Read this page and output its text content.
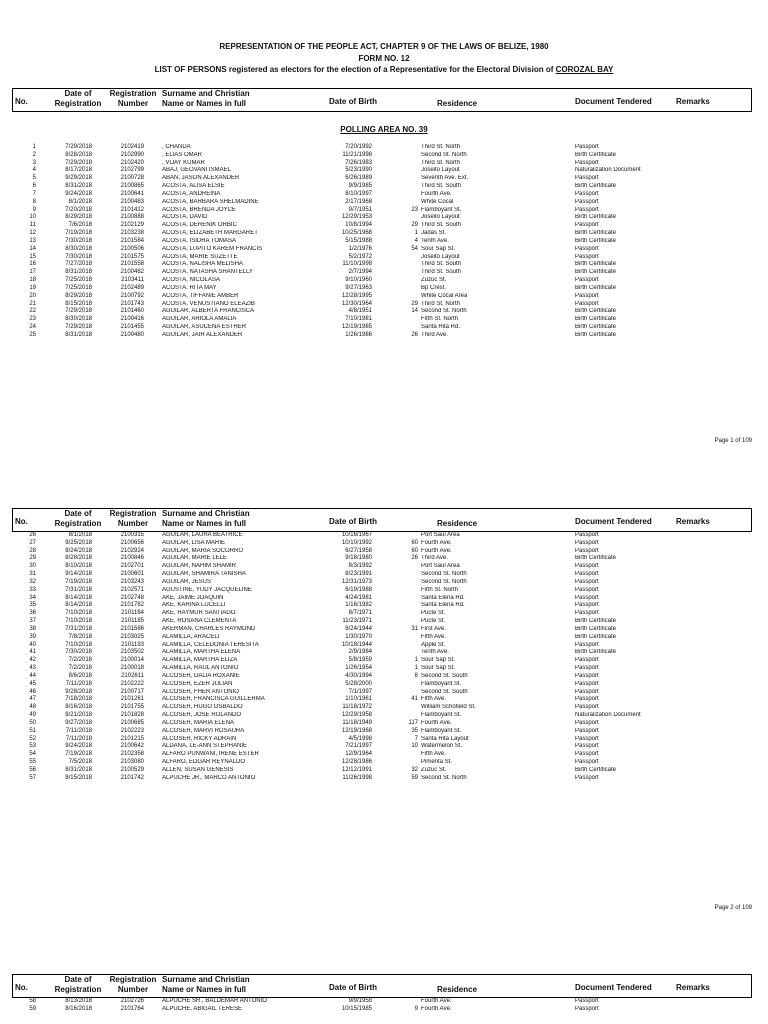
REPRESENTATION OF THE PEOPLE ACT, CHAPTER 9 OF THE LAWS OF BELIZE, 1980
FORM NO. 12
LIST OF PERSONS registered as electors for the election of a Representative for the Electoral Division of COROZAL BAY
No.
Date of
Registration
Registration
Number
Surname and Christian
Name or Names in full	Date of Birth	Residence	Document Tendered	Remarks
POLLING AREA NO. 39
1	7/29/2018	2102419	, CHANDA	7/20/1992	Third St. North	Passport
2	8/28/2018	2102990	, ELIAS OMAR	11/21/1998	Second St. North	Birth Certificate
3	7/29/2018	2102420	, VIJAY KUMAR	7/26/1983	Third St. North	Passport
4	8/17/2018	2102799	ABAJ, GEOVANI ISMAEL	5/23/1990	Joseito Layout	Naturalization Document
5	9/29/2018	2100728	ABAN, JASON ALEXANDER	6/26/1989	Seventh Ave. Ext.	Passport
6	8/31/2018	2100865	ACOSTA, ALISA ELSIE	9/9/1985	Third St. South	Birth Certificate
7	9/24/2018	2100641	ACOSTA, ANDREINA	8/10/1997	Fourth Ave.	Passport
8	8/1/2018	2100483	ACOSTA, BARBARA SHELMADINE	2/17/1968	White Cocal	Passport
9	7/20/2018	2101412	ACOSTA, BRENDA JOYCE	9/7/1951	23 Flamboyant St.	Passport
10	8/29/2018	2100888	ACOSTA, DAVID	12/29/1953	Joseito Layout	Birth Certificate
11	7/6/2018	2102129	ACOSTA, DERENIK ORBIC	10/8/1994	29 Third St. South	Passport
12	7/19/2018	2103238	ACOSTA, ELIZABETH MARGARET	10/25/1968	1 Jadas St.	Birth Certificate
13	7/30/2018	2101584	ACOSTA, ISIDRA TOMASA	5/15/1988	4 Tenth Ave.	Birth Certificate
14	8/30/2018	2100506	ACOSTA, LUPITO KAREM FRANCIS	1/2/1976	54 Sour Sap St.	Passport
15	7/30/2018	2101575	ACOSTA, MARIE SUZETTE	5/2/1972	Joseito Layout	Passport
16	7/27/2018	2101558	ACOSTA, NALISHA MELISHA	11/10/1998	Third St. South	Birth Certificate
17	8/31/2018	2100482	ACOSTA, NATASHA SHANTELLY	2/7/1994	Third St. South	Birth Certificate
18	7/25/2018	2103411	ACOSTA, NICOLASA	9/10/1960	Zuzuc St.	Passport
19	7/25/2018	2102489	ACOSTA, RITA MAY	9/27/1963	Bp Crest.	Birth Certificate
20	8/29/2018	2100792	ACOSTA, TIFFANIE AMBER	12/28/1995	White Cocal Area	Passport
21	8/15/2018	2101743	ACOSTA, VENUSTIANO ELEAZIB	12/30/1964	29 Third St. North	Passport
22	7/29/2018	2101460	AGUILAR, ALBERTA FRANCISCA	4/8/1951	14 Second St. North	Birth Certificate
23	8/30/2018	2100416	AGUILAR, ARIOLA AMALIA	7/10/1981	Fifth St. North	Birth Certificate
24	7/29/2018	2101455	AGUILAR, ASUCENA ESTHER	12/19/1985	Santa Rita Rd.	Birth Certificate
25	8/31/2018	2100480	AGUILAR, JAIR ALEXANDER	1/26/1986	26 Third Ave.	Birth Certificate
Page 1 of 109
No.
Date of
Registration
Registration
Number
Surname and Christian
Name or Names in full	Date of Birth	Residence	Document Tendered	Remarks
26	8/1/2018	2100315	AGUILAR, LAURA BEATRICE	10/16/1967	Port Saul Area	Passport
27	9/25/2018	2100656	AGUILAR, LISA MARIE	10/10/1992	60 Fourth Ave.	Passport
28	8/24/2018	2102924	AGUILAR, MARIA SOCORRO	6/27/1958	60 Fourth Ave.	Passport
29	8/28/2018	2100846	AGUILAR, MARIE LELE	9/18/1980	26 Third Ave.	Birth Certificate
30	8/10/2018	2102701	AGUILAR, NAHIM SHAMIR	8/3/1992	Port Saul Area	Passport
31	9/14/2018	2100601	AGUILAR, SHAMIRA TANISHA	8/23/1991	Second St. North	Passport
32	7/19/2018	2103243	AGUILAR, JESUS	12/31/1973	Second St. North	Passport
33	7/31/2018	2102571	AGUSTINE, YUDY JACQUELINE	6/19/1988	Fifth St. North	Passport
34	8/14/2018	2102748	AKE, JAIME JOAQUIN	4/24/1981	Santa Elena Rd.	Passport
35	8/14/2018	2101782	AKE, KARINA LUCELLI	1/16/1982	Santa Elena Rd.	Passport
36	7/10/2018	2101184	AKE, RAYMUR SANTIAGO	8/7/1971	Pucte St.	Passport
37	7/10/2018	2101185	AKE, ROSANA CLEMENTA	11/23/1971	Pucte St.	Birth Certificate
38	7/31/2018	2101586	AKERMAN, CHARLES RAYMOND	8/24/1944	31 First Ave.	Birth Certificate
39	7/8/2018	2103025	ALAMILLA, ARACELI	1/30/1970	Fifth Ave.	Birth Certificate
40	7/10/2018	2101193	ALAMILLA, CELEDONIA TERESITA	10/18/1944	Apple St.	Passport
41	7/30/2018	2103502	ALAMILLA, MARTHA ELENA	2/9/1984	Tenth Ave.	Birth Certificate
42	7/2/2018	2100014	ALAMILLA, MARTHA ELIZA	5/8/1959	1 Sour Sap St.	Passport
43	7/2/2018	2100018	ALAMILLA, RAUL ANTONIO	1/26/1954	1 Sour Sap St.	Passport
44	8/6/2018	2102611	ALCOSER, DALIA ROXANIE	4/30/1994	8 Second St. South	Passport
45	7/11/2018	2102222	ALCOSER, EZER JULIAN	5/28/2000	Flamboyant St.	Passport
46	9/28/2018	2100717	ALCOSER, FHER ANTONIO	7/1/1997	Second St. South	Passport
47	7/18/2018	2101261	ALCOSER, FRANCISCA GUILLERMA	1/10/1961	41 Fifth Ave.	Passport
48	8/16/2018	2101755	ALCOSER, HUGO OSBALDO	11/18/1972	William Schofield St.	Passport
49	8/21/2018	2101828	ALCOSER, JOSE ROLANDO	12/29/1958	Flamboyant St.	Naturalization Document
50	9/27/2018	2100685	ALCOSER, MARIA ELENA	11/18/1949	117 Fourth Ave.	Passport
51	7/11/2018	2102223	ALCOSER, MARVI ROSAURA	12/19/1968	35 Flamboyant St.	Passport
52	7/11/2018	2101215	ALCOSER, RICKY ADRAIN	4/5/1998	7 Santa Rita Layout	Passport
53	9/24/2018	2100642	ALDANA, LE-ANN STEPHANIE	7/21/1997	10 Watermelon St.	Passport
54	7/19/2018	2102358	ALFARO PUNWANI, IRENE ESTER	12/9/1964	Fifth Ave.	Passport
55	7/5/2018	2103080	ALFARO, EDGAR REYNALDO	12/28/1986	Pimenta St.	Passport
56	8/31/2018	2100529	ALLEN, SUSAN GENESIS	12/12/1991	32 Zuzuc St.	Birth Certificate
57	8/15/2018	2101742	ALPUCHE JR., MARCO ANTONIO	11/26/1998	59 Second St. North	Passport
Page 2 of 109
No.
Date of
Registration
Registration
Number
Surname and Christian
Name or Names in full	Date of Birth	Residence	Document Tendered	Remarks
58	8/13/2018	2102726	ALPUCHE SR., BALDEMAR ANTONIO	9/9/1958	Fourth Ave.	Passport
59	8/16/2018	2101764	ALPUCHE, ABIGAIL TERESE	10/15/1985	9 Fourth Ave.	Passport
